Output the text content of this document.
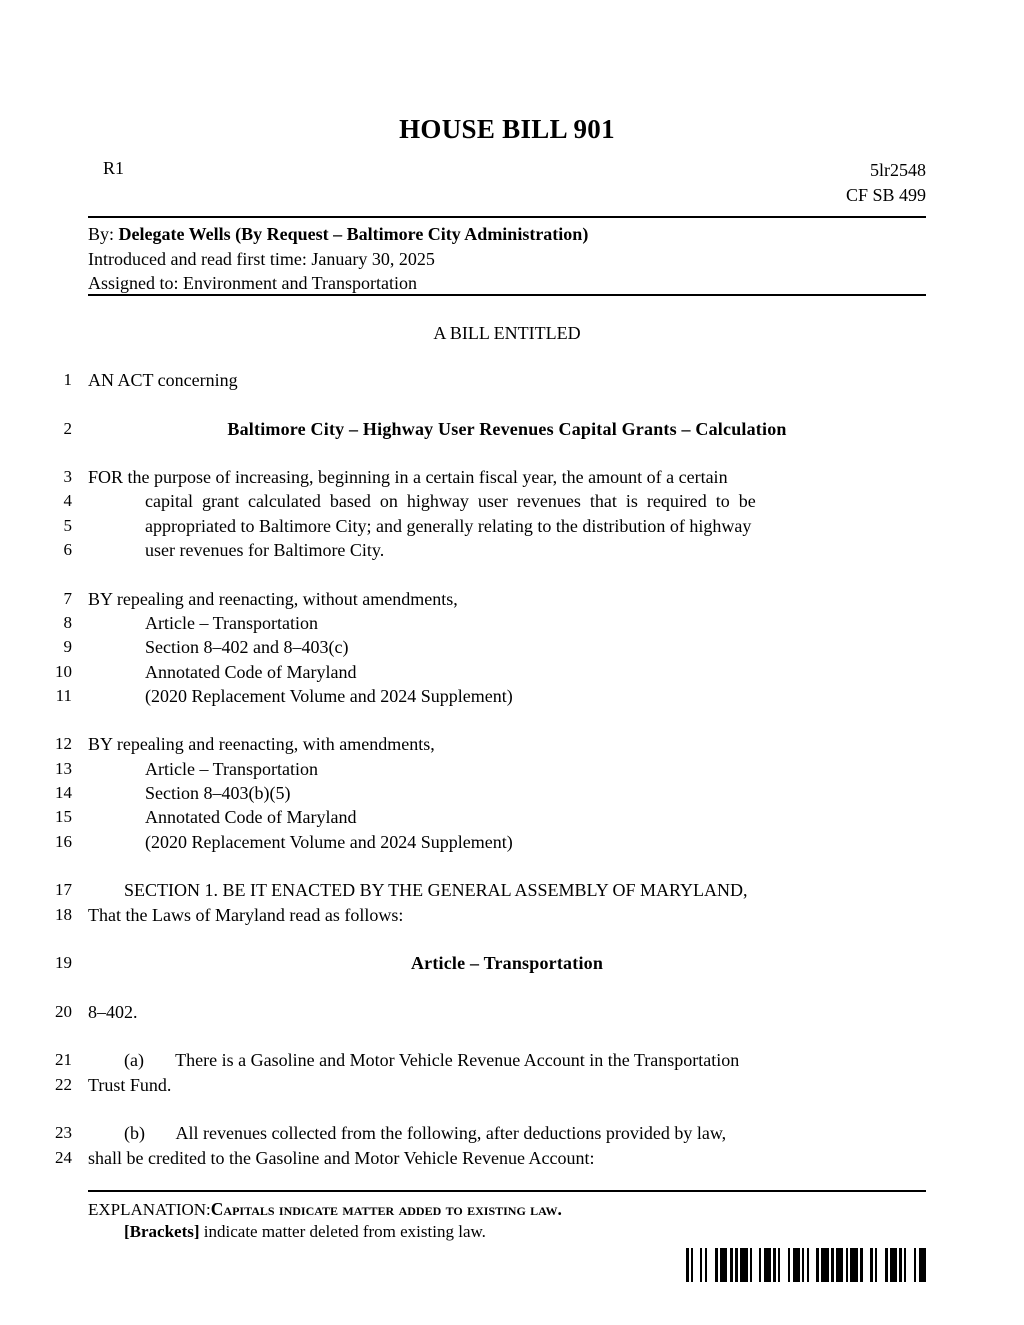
HOUSE BILL 901
R1	5lr2548
CF SB 499
By: Delegate Wells (By Request – Baltimore City Administration)
Introduced and read first time: January 30, 2025
Assigned to: Environment and Transportation
A BILL ENTITLED
1 AN ACT concerning
2	Baltimore City – Highway User Revenues Capital Grants – Calculation
3 FOR the purpose of increasing, beginning in a certain fiscal year, the amount of a certain
4	capital  grant  calculated  based  on  highway  user  revenues  that  is  required  to  be
5	appropriated to Baltimore City; and generally relating to the distribution of highway
6	user revenues for Baltimore City.
7 BY repealing and reenacting, without amendments,
8	Article – Transportation
9	Section 8–402 and 8–403(c)
10	Annotated Code of Maryland
11	(2020 Replacement Volume and 2024 Supplement)
12 BY repealing and reenacting, with amendments,
13	Article – Transportation
14	Section 8–403(b)(5)
15	Annotated Code of Maryland
16	(2020 Replacement Volume and 2024 Supplement)
17 SECTION 1. BE IT ENACTED BY THE GENERAL ASSEMBLY OF MARYLAND,
18 That the Laws of Maryland read as follows:
19	Article – Transportation
20 8–402.
21 (a)       There is a Gasoline and Motor Vehicle Revenue Account in the Transportation
22 Trust Fund.
23 (b)       All revenues collected from the following, after deductions provided by law,
24 shall be credited to the Gasoline and Motor Vehicle Revenue Account:
EXPLANATION:Capitals indicate matter added to existing law.
[Brackets] indicate matter deleted from existing law.
